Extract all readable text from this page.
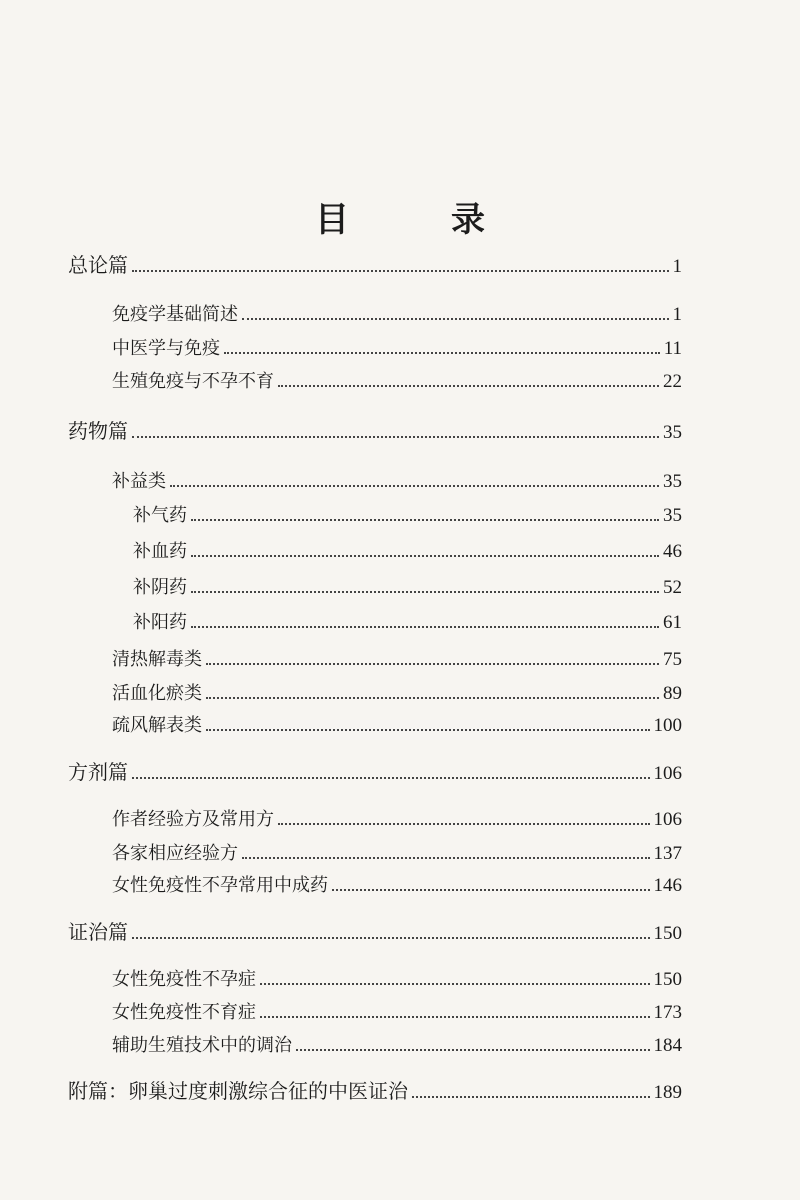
目　录
总论篇	1
免疫学基础简述	1
中医学与免疫	11
生殖免疫与不孕不育	22
药物篇	35
补益类	35
补气药	35
补血药	46
补阴药	52
补阳药	61
清热解毒类	75
活血化瘀类	89
疏风解表类	100
方剂篇	106
作者经验方及常用方	106
各家相应经验方	137
女性免疫性不孕常用中成药	146
证治篇	150
女性免疫性不孕症	150
女性免疫性不育症	173
辅助生殖技术中的调治	184
附篇：卵巢过度刺激综合征的中医证治	189
